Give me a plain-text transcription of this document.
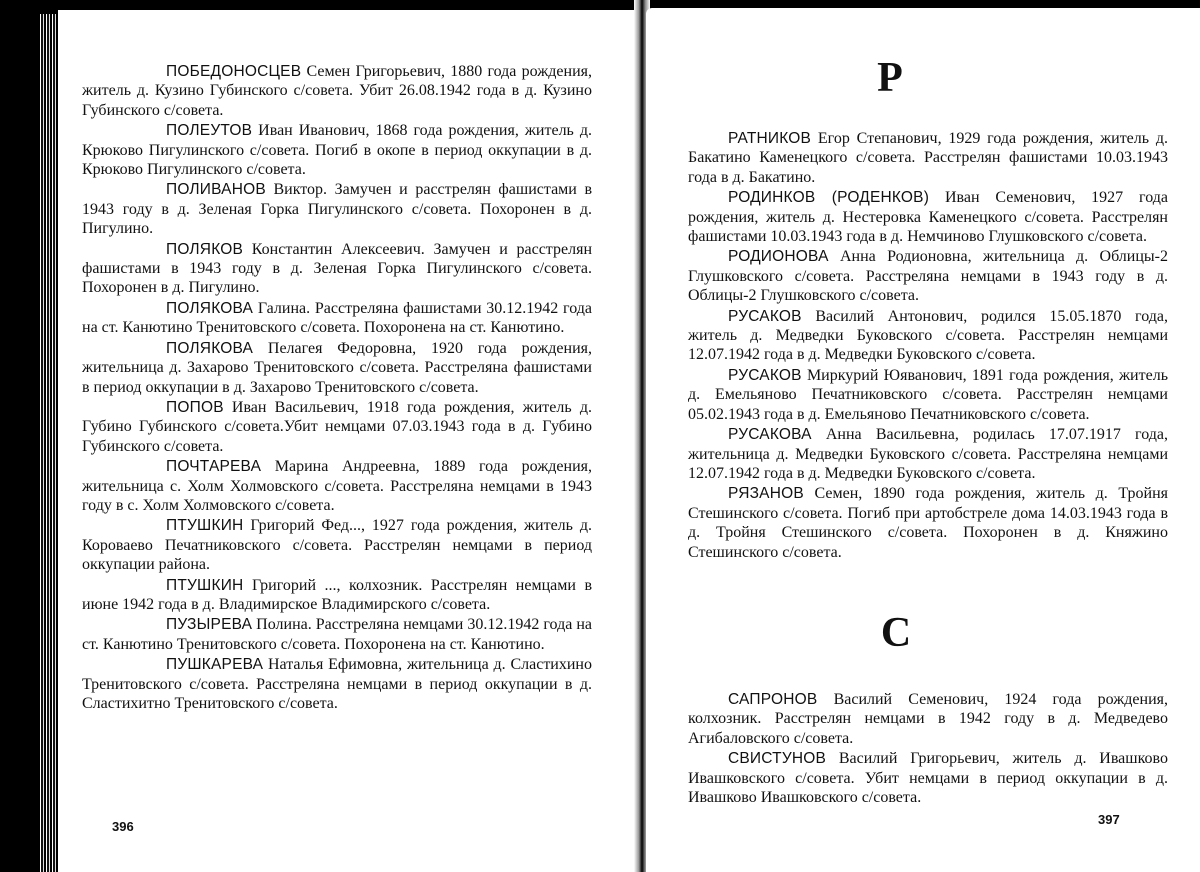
ПОБЕДОНОСЦЕВ Семен Григорьевич, 1880 года рождения, житель д. Кузино Губинского с/совета. Убит 26.08.1942 года в д. Кузино Губинского с/совета.

ПОЛЕУТОВ Иван Иванович, 1868 года рождения, житель д. Крюково Пигулинского с/совета. Погиб в окопе в период оккупации в д. Крюково Пигулинского с/совета.

ПОЛИВАНОВ Виктор. Замучен и расстрелян фашистами в 1943 году в д. Зеленая Горка Пигулинского с/совета. Похоронен в д. Пигулино.

ПОЛЯКОВ Константин Алексеевич. Замучен и расстрелян фашистами в 1943 году в д. Зеленая Горка Пигулинского с/совета. Похоронен в д. Пигулино.

ПОЛЯКОВА Галина. Расстреляна фашистами 30.12.1942 года на ст. Канютино Тренитовского с/совета. Похоронена на ст. Канютино.

ПОЛЯКОВА Пелагея Федоровна, 1920 года рождения, жительница д. Захарово Тренитовского с/совета. Расстреляна фашистами в период оккупации в д. Захарово Тренитовского с/совета.

ПОПОВ Иван Васильевич, 1918 года рождения, житель д. Губино Губинского с/совета.Убит немцами 07.03.1943 года в д. Губино Губинского с/совета.

ПОЧТАРЕВА Марина Андреевна, 1889 года рождения, жительница с. Холм Холмовского с/совета. Расстреляна немцами в 1943 году в с. Холм Холмовского с/совета.

ПТУШКИН Григорий Фед..., 1927 года рождения, житель д. Короваево Печатниковского с/совета. Расстрелян немцами в период оккупации района.

ПТУШКИН Григорий ..., колхозник. Расстрелян немцами в июне 1942 года в д. Владимирское Владимирского с/совета.

ПУЗЫРЕВА Полина. Расстреляна немцами 30.12.1942 года на ст. Канютино Тренитовского с/совета. Похоронена на ст. Канютино.

ПУШКАРЕВА Наталья Ефимовна, жительница д. Сластихино Тренитовского с/совета. Расстреляна немцами в период оккупации в д. Сластихитно Тренитовского с/совета.

396
Р

РАТНИКОВ Егор Степанович, 1929 года рождения, житель д. Бакатино Каменецкого с/совета. Расстрелян фашистами 10.03.1943 года в д. Бакатино.

РОДИНКОВ (РОДЕНКОВ) Иван Семенович, 1927 года рождения, житель д. Нестеровка Каменецкого с/совета. Расстрелян фашистами 10.03.1943 года в д. Немчиново Глушковского с/совета.

РОДИОНОВА Анна Родионовна, жительница д. Облицы-2 Глушковского с/совета. Расстреляна немцами в 1943 году в д. Облицы-2 Глушковского с/совета.

РУСАКОВ Василий Антонович, родился 15.05.1870 года, житель д. Медведки Буковского с/совета. Расстрелян немцами 12.07.1942 года в д. Медведки Буковского с/совета.

РУСАКОВ Миркурий Юяванович, 1891 года рождения, житель д. Емельяново Печатниковского с/совета. Расстрелян немцами 05.02.1943 года в д. Емельяново Печатниковского с/совета.

РУСАКОВА Анна Васильевна, родилась 17.07.1917 года, жительница д. Медведки Буковского с/совета. Расстреляна немцами 12.07.1942 года в д. Медведки Буковского с/совета.

РЯЗАНОВ Семен, 1890 года рождения, житель д. Тройня Стешинского с/совета. Погиб при артобстреле дома 14.03.1943 года в д. Тройня Стешинского с/совета. Похоронен в д. Княжино Стешинского с/совета.

С

САПРОНОВ Василий Семенович, 1924 года рождения, колхозник. Расстрелян немцами в 1942 году в д. Медведево Агибаловского с/совета.

СВИСТУНОВ Василий Григорьевич, житель д. Ивашково Ивашковского с/совета. Убит немцами в период оккупации в д. Ивашково Ивашковского с/совета.

397
